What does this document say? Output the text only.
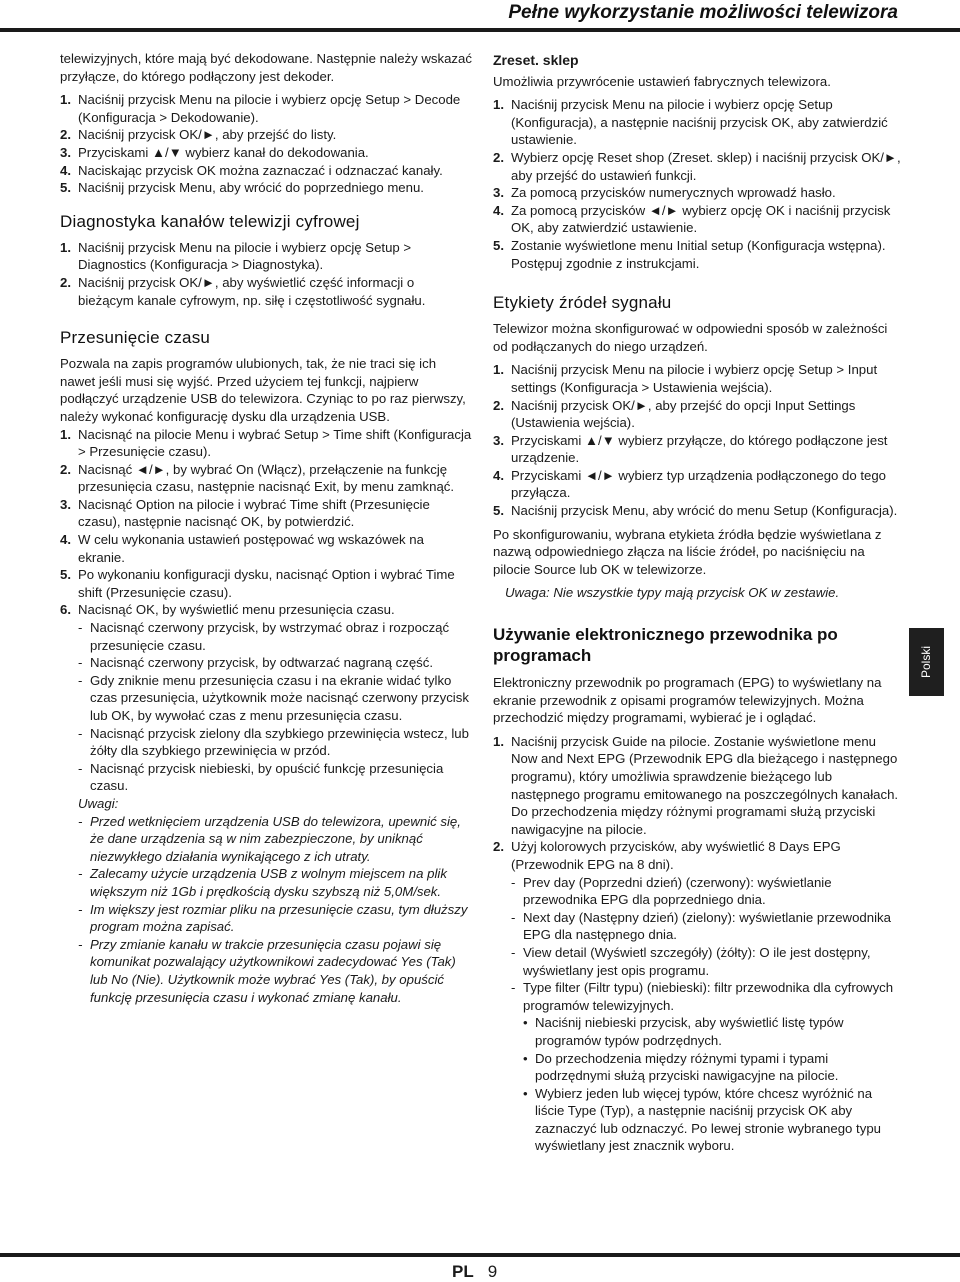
Pełne wykorzystanie możliwości telewizora

telewizyjnych, które mają być dekodowane. Następnie należy wskazać przyłącze, do którego podłączony jest dekoder.

1. Naciśnij przycisk Menu na pilocie i wybierz opcję Setup > Decode (Konfiguracja > Dekodowanie).
2. Naciśnij przycisk OK/►, aby przejść do listy.
3. Przyciskami ▲/▼ wybierz kanał do dekodowania.
4. Naciskając przycisk OK można zaznaczać i odznaczać kanały.
5. Naciśnij przycisk Menu, aby wrócić do poprzedniego menu.
Diagnostyka kanałów telewizji cyfrowej
1. Naciśnij przycisk Menu na pilocie i wybierz opcję Setup > Diagnostics (Konfiguracja > Diagnostyka).
2. Naciśnij przycisk OK/►, aby wyświetlić część informacji o bieżącym kanale cyfrowym, np. siłę i częstotliwość sygnału.
Przesunięcie czasu

Pozwala na zapis programów ulubionych, tak, że nie traci się ich nawet jeśli musi się wyjść. Przed użyciem tej funkcji, najpierw podłączyć urządzenie USB do telewizora. Czyniąc to po raz pierwszy, należy wykonać konfigurację dysku dla urządzenia USB.

1. Nacisnąć na pilocie Menu i wybrać Setup > Time shift (Konfiguracja > Przesunięcie czasu).
2. Nacisnąć ◄/►, by wybrać On (Włącz), przełączenie na funkcję przesunięcia czasu, następnie nacisnąć Exit, by menu zamknąć.
3. Nacisnąć Option na pilocie i wybrać Time shift (Przesunięcie czasu), następnie nacisnąć OK, by potwierdzić.
4. W celu wykonania ustawień postępować wg wskazówek na ekranie.
5. Po wykonaniu konfiguracji dysku, nacisnąć Option i wybrać Time shift (Przesunięcie czasu).
6. Nacisnąć OK, by wyświetlić menu przesunięcia czasu.
- Nacisnąć czerwony przycisk, by wstrzymać obraz i rozpocząć przesunięcie czasu.
- Nacisnąć czerwony przycisk, by odtwarzać nagraną część.
- Gdy zniknie menu przesunięcia czasu i na ekranie widać tylko czas przesunięcia, użytkownik może nacisnąć czerwony przycisk lub OK, by wywołać czas z menu przesunięcia czasu.
- Nacisnąć przycisk zielony dla szybkiego przewinięcia wstecz, lub żółty dla szybkiego przewinięcia w przód.
- Nacisnąć przycisk niebieski, by opuścić funkcję przesunięcia czasu.

Uwagi:

- Przed wetknięciem urządzenia USB do telewizora, upewnić się, że dane urządzenia są w nim zabezpieczone, by uniknąć niezwykłego działania wynikającego z ich utraty.
- Zalecamy użycie urządzenia USB z wolnym miejscem na plik większym niż 1Gb i prędkością dysku szybszą niż 5,0M/sek.
- Im większy jest rozmiar pliku na przesunięcie czasu, tym dłuższy program można zapisać.
- Przy zmianie kanału w trakcie przesunięcia czasu pojawi się komunikat pozwalający użytkownikowi zadecydować Yes (Tak) lub No (Nie). Użytkownik może wybrać Yes (Tak), by opuścić funkcję przesunięcia czasu i wykonać zmianę kanału.
Zreset. sklep

Umożliwia przywrócenie ustawień fabrycznych telewizora.

1. Naciśnij przycisk Menu na pilocie i wybierz opcję Setup (Konfiguracja), a następnie naciśnij przycisk OK, aby zatwierdzić ustawienie.
2. Wybierz opcję Reset shop (Zreset. sklep) i naciśnij przycisk OK/►, aby przejść do ustawień funkcji.
3. Za pomocą przycisków numerycznych wprowadź hasło.
4. Za pomocą przycisków ◄/► wybierz opcję OK i naciśnij przycisk OK, aby zatwierdzić ustawienie.
5. Zostanie wyświetlone menu Initial setup (Konfiguracja wstępna). Postępuj zgodnie z instrukcjami.
Etykiety źródeł sygnału

Telewizor można skonfigurować w odpowiedni sposób w zależności od podłączanych do niego urządzeń.

1. Naciśnij przycisk Menu na pilocie i wybierz opcję Setup > Input settings (Konfiguracja > Ustawienia wejścia).
2. Naciśnij przycisk OK/►, aby przejść do opcji Input Settings (Ustawienia wejścia).
3. Przyciskami ▲/▼ wybierz przyłącze, do którego podłączone jest urządzenie.
4. Przyciskami ◄/► wybierz typ urządzenia podłączonego do tego przyłącza.
5. Naciśnij przycisk Menu, aby wrócić do menu Setup (Konfiguracja).

Po skonfigurowaniu, wybrana etykieta źródła będzie wyświetlana z nazwą odpowiedniego złącza na liście źródeł, po naciśnięciu na pilocie Source lub OK w telewizorze.

Uwaga: Nie wszystkie typy mają przycisk OK w zestawie.

Używanie elektronicznego przewodnika po programach

Elektroniczny przewodnik po programach (EPG) to wyświetlany na ekranie przewodnik z opisami programów telewizyjnych. Można przechodzić między programami, wybierać je i oglądać.

1. Naciśnij przycisk Guide na pilocie. Zostanie wyświetlone menu Now and Next EPG (Przewodnik EPG dla bieżącego i następnego programu), który umożliwia sprawdzenie bieżącego lub następnego programu emitowanego na poszczególnych kanałach. Do przechodzenia między różnymi programami służą przyciski nawigacyjne na pilocie.
2. Użyj kolorowych przycisków, aby wyświetlić 8 Days EPG (Przewodnik EPG na 8 dni).
- Prev day (Poprzedni dzień) (czerwony): wyświetlanie przewodnika EPG dla poprzedniego dnia.
- Next day (Następny dzień) (zielony): wyświetlanie przewodnika EPG dla następnego dnia.
- View detail (Wyświetl szczegóły) (żółty): O ile jest dostępny, wyświetlany jest opis programu.
- Type filter (Filtr typu) (niebieski): filtr przewodnika dla cyfrowych programów telewizyjnych.
• Naciśnij niebieski przycisk, aby wyświetlić listę typów programów typów podrzędnych.
• Do przechodzenia między różnymi typami i typami podrzędnymi służą przyciski nawigacyjne na pilocie.
• Wybierz jeden lub więcej typów, które chcesz wyróżnić na liście Type (Typ), a następnie naciśnij przycisk OK aby zaznaczyć lub odznaczyć. Po lewej stronie wybranego typu wyświetlany jest znacznik wyboru.
Polski
PL 9
